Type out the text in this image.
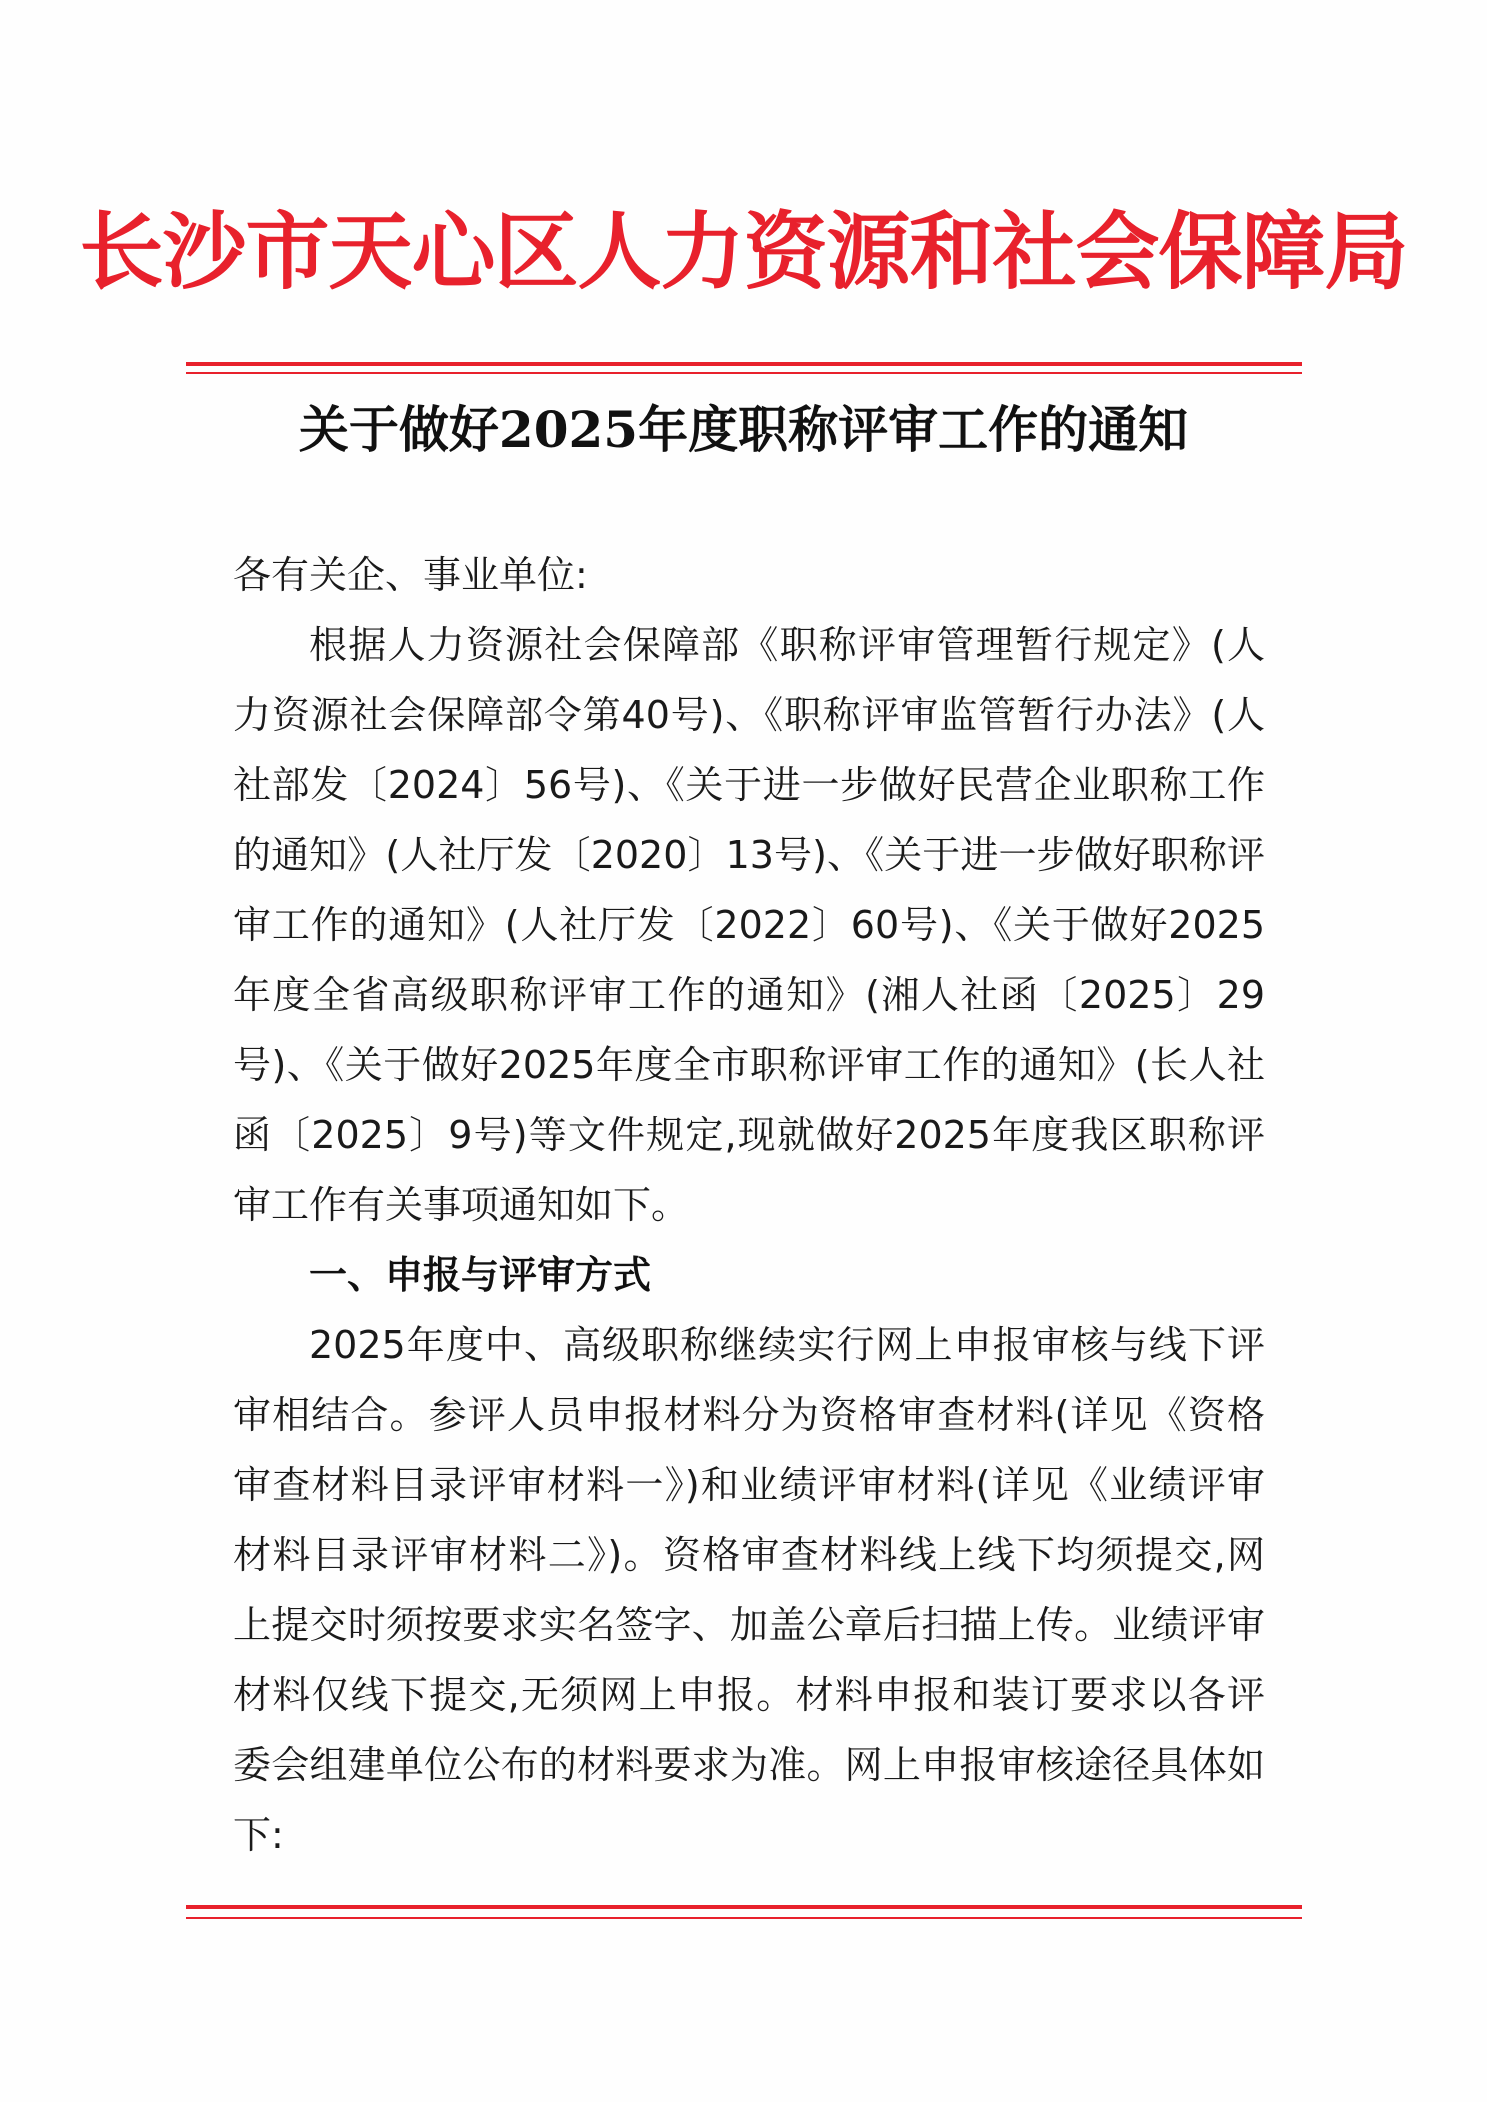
长沙市天心区人力资源和社会保障局
关于做好2025年度职称评审工作的通知
各有关企、事业单位:
根据人力资源社会保障部《职称评审管理暂行规定》(人力资源社会保障部令第40号)、《职称评审监管暂行办法》(人社部发〔2024〕56号)、《关于进一步做好民营企业职称工作的通知》(人社厅发〔2020〕13号)、《关于进一步做好职称评审工作的通知》(人社厅发〔2022〕60号)、《关于做好2025年度全省高级职称评审工作的通知》(湘人社函〔2025〕29号)、《关于做好2025年度全市职称评审工作的通知》(长人社函〔2025〕9号)等文件规定,现就做好2025年度我区职称评审工作有关事项通知如下。
一、申报与评审方式
2025年度中、高级职称继续实行网上申报审核与线下评审相结合。参评人员申报材料分为资格审查材料(详见《资格审查材料目录评审材料一》)和业绩评审材料(详见《业绩评审材料目录评审材料二》)。资格审查材料线上线下均须提交,网上提交时须按要求实名签字、加盖公章后扫描上传。业绩评审材料仅线下提交,无须网上申报。材料申报和装订要求以各评委会组建单位公布的材料要求为准。网上申报审核途径具体如下:
